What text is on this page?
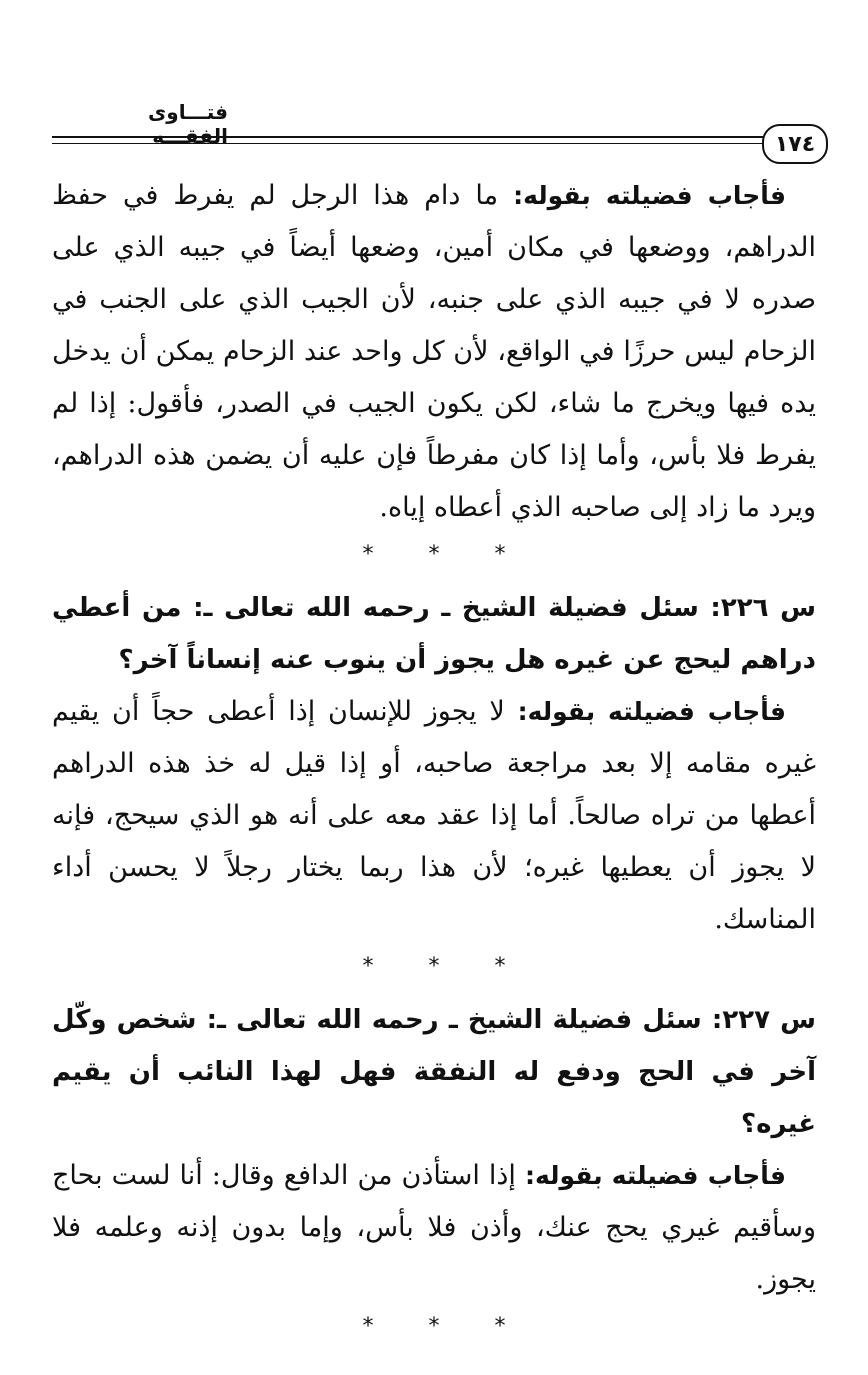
فتـــاوى الفقـــه	١٧٤

فأجاب فضيلته بقوله: ما دام هذا الرجل لم يفرط في حفظ الدراهم، ووضعها في مكان أمين، وضعها أيضاً في جيبه الذي على صدره لا في جيبه الذي على جنبه، لأن الجيب الذي على الجنب في الزحام ليس حرزًا في الواقع، لأن كل واحد عند الزحام يمكن أن يدخل يده فيها ويخرج ما شاء، لكن يكون الجيب في الصدر، فأقول: إذا لم يفرط فلا بأس، وأما إذا كان مفرطاً فإن عليه أن يضمن هذه الدراهم، ويرد ما زاد إلى صاحبه الذي أعطاه إياه.

* * *

س ٢٢٦: سئل فضيلة الشيخ ـ رحمه الله تعالى ـ: من أعطي دراهم ليحج عن غيره هل يجوز أن ينوب عنه إنساناً آخر؟

فأجاب فضيلته بقوله: لا يجوز للإنسان إذا أعطى حجاً أن يقيم غيره مقامه إلا بعد مراجعة صاحبه، أو إذا قيل له خذ هذه الدراهم أعطها من تراه صالحاً. أما إذا عقد معه على أنه هو الذي سيحج، فإنه لا يجوز أن يعطيها غيره؛ لأن هذا ربما يختار رجلاً لا يحسن أداء المناسك.

* * *

س ٢٢٧: سئل فضيلة الشيخ ـ رحمه الله تعالى ـ: شخص وكّل آخر في الحج ودفع له النفقة فهل لهذا النائب أن يقيم غيره؟

فأجاب فضيلته بقوله: إذا استأذن من الدافع وقال: أنا لست بحاج وسأقيم غيري يحج عنك، وأذن فلا بأس، وإما بدون إذنه وعلمه فلا يجوز.

* * *
